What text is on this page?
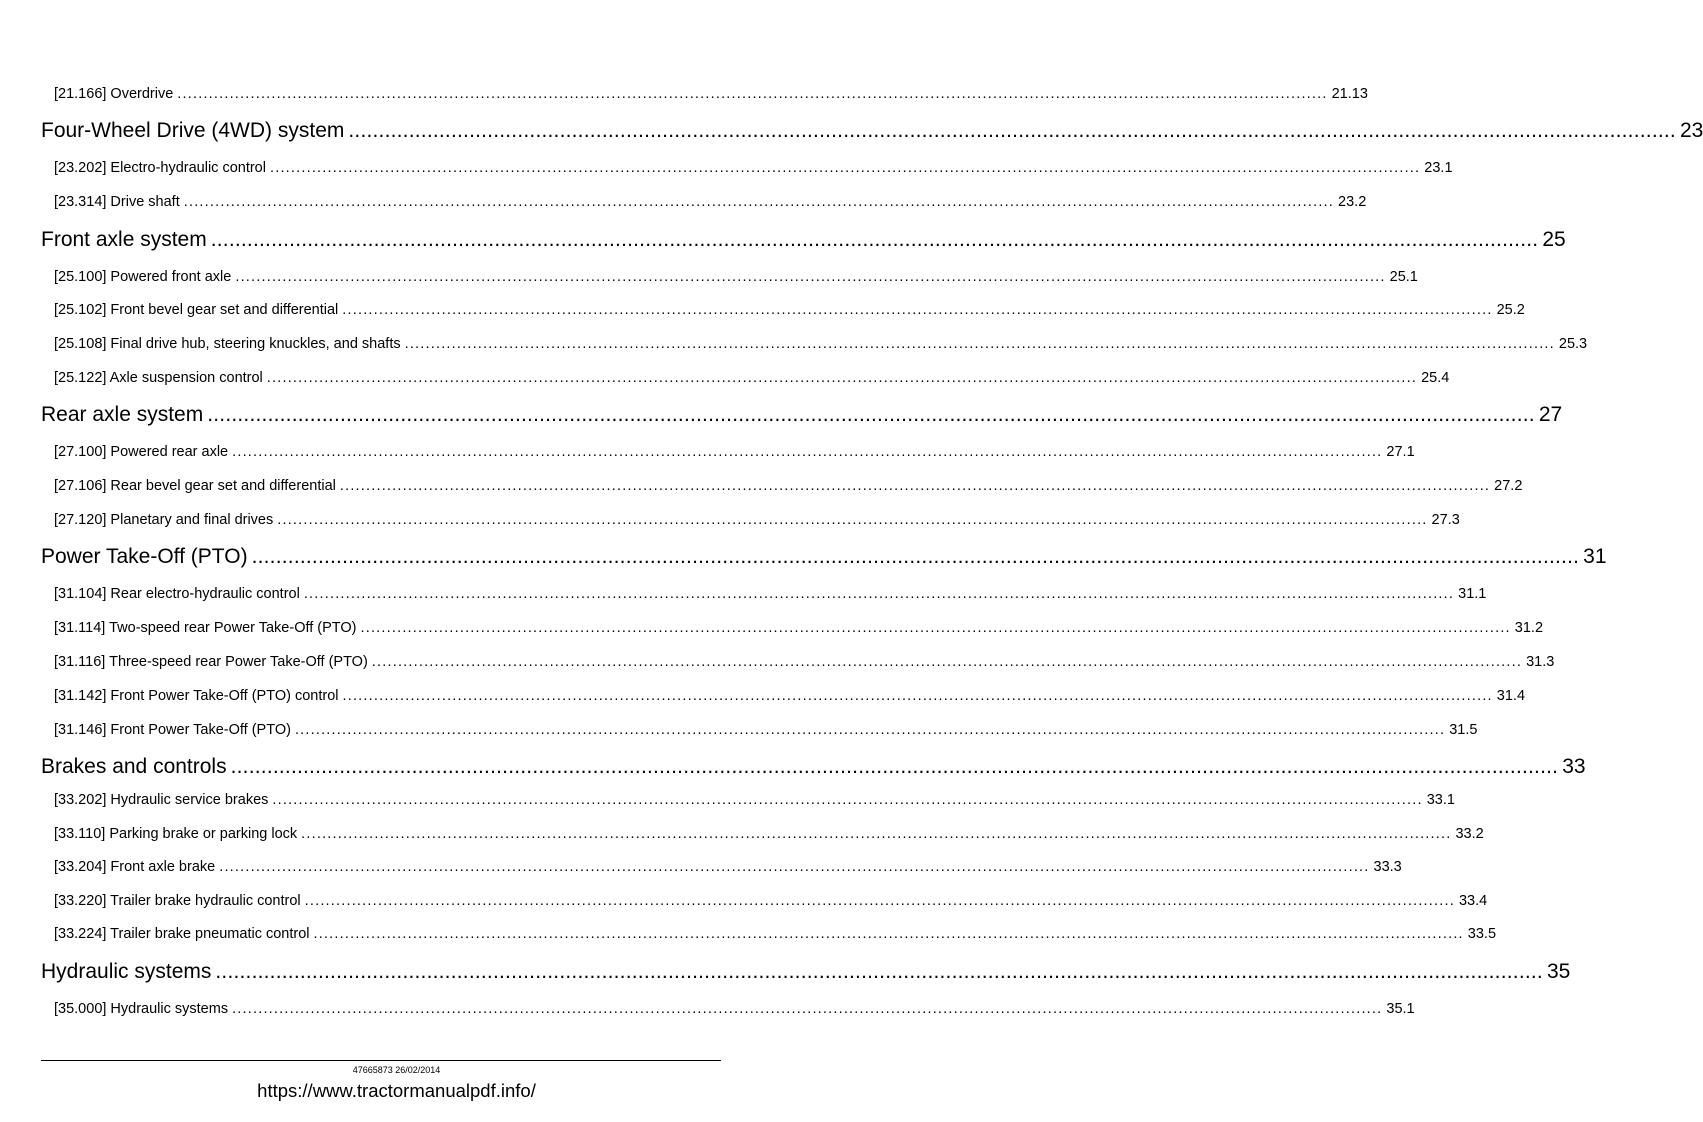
[21.166] Overdrive ............................................................................................................................................................................................................................ 21.13
Four-Wheel Drive (4WD) system ............................................................................................................................................................................................................................ 23
[23.202] Electro-hydraulic control ............................................................................................................................................................................................................................ 23.1
[23.314] Drive shaft ............................................................................................................................................................................................................................ 23.2
Front axle system ............................................................................................................................................................................................................................ 25
[25.100] Powered front axle ............................................................................................................................................................................................................................ 25.1
[25.102] Front bevel gear set and differential ............................................................................................................................................................................................................................ 25.2
[25.108] Final drive hub, steering knuckles, and shafts ............................................................................................................................................................................................................................ 25.3
[25.122] Axle suspension control ............................................................................................................................................................................................................................ 25.4
Rear axle system ............................................................................................................................................................................................................................ 27
[27.100] Powered rear axle ............................................................................................................................................................................................................................ 27.1
[27.106] Rear bevel gear set and differential ............................................................................................................................................................................................................................ 27.2
[27.120] Planetary and final drives ............................................................................................................................................................................................................................ 27.3
Power Take-Off (PTO) ............................................................................................................................................................................................................................ 31
[31.104] Rear electro-hydraulic control ............................................................................................................................................................................................................................ 31.1
[31.114] Two-speed rear Power Take-Off (PTO) ............................................................................................................................................................................................................................ 31.2
[31.116] Three-speed rear Power Take-Off (PTO) ............................................................................................................................................................................................................................ 31.3
[31.142] Front Power Take-Off (PTO) control ............................................................................................................................................................................................................................ 31.4
[31.146] Front Power Take-Off (PTO) ............................................................................................................................................................................................................................ 31.5
Brakes and controls ............................................................................................................................................................................................................................ 33
[33.202] Hydraulic service brakes ............................................................................................................................................................................................................................ 33.1
[33.110] Parking brake or parking lock ............................................................................................................................................................................................................................ 33.2
[33.204] Front axle brake ............................................................................................................................................................................................................................ 33.3
[33.220] Trailer brake hydraulic control ............................................................................................................................................................................................................................ 33.4
[33.224] Trailer brake pneumatic control ............................................................................................................................................................................................................................ 33.5
Hydraulic systems ............................................................................................................................................................................................................................ 35
[35.000] Hydraulic systems ............................................................................................................................................................................................................................ 35.1
47665873 26/02/2014
https://www.tractormanualpdf.info/
